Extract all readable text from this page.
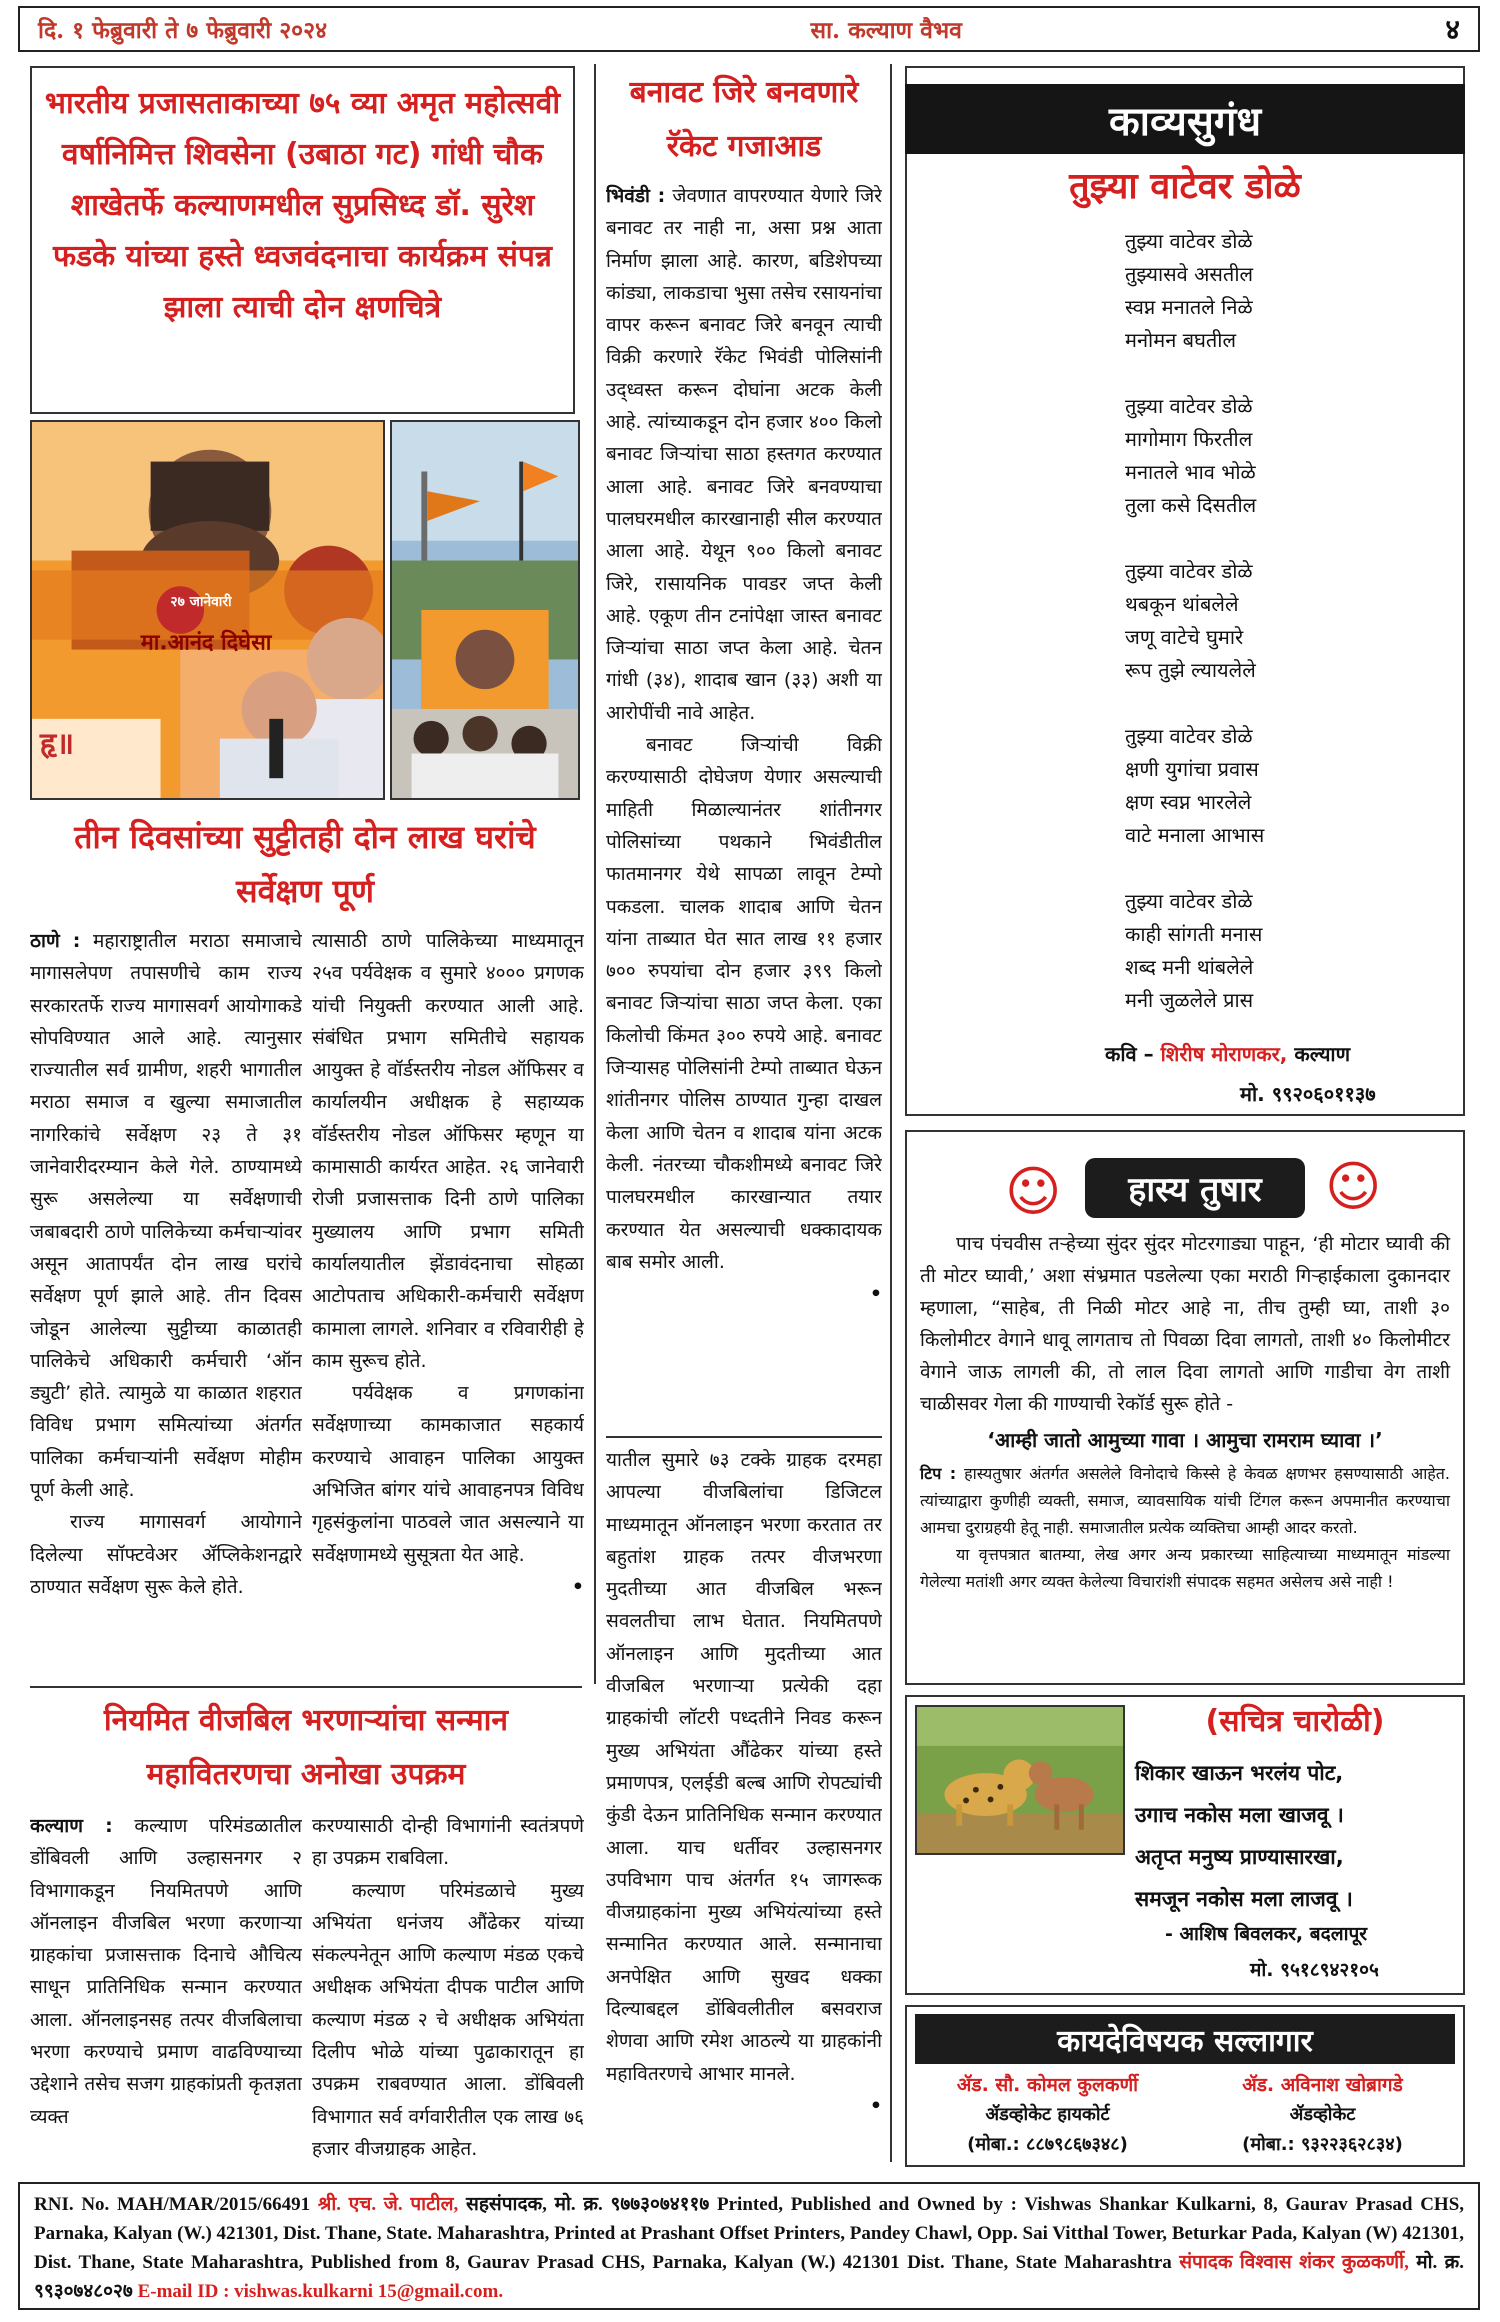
दि. १ फेब्रुवारी ते ७ फेब्रुवारी २०२४	सा. कल्याण वैभव	४
भारतीय प्रजासताकाच्या ७५ व्या अमृत महोत्सवी वर्षानिमित्त शिवसेना (उबाठा गट) गांधी चौक शाखेतर्फे कल्याणमधील सुप्रसिध्द डॉ. सुरेश फडके यांच्या हस्ते ध्वजवंदनाचा कार्यक्रम संपन्न झाला त्याची दोन क्षणचित्रे
२७ जानेवारी
मा.आनंद दिघेसा
हृ॥
तीन दिवसांच्या सुट्टीतही दोन लाख घरांचे सर्वेक्षण पूर्ण

ठाणे : महाराष्ट्रातील मराठा समाजाचे मागासलेपण तपासणीचे काम राज्य सरकारतर्फे राज्य मागासवर्ग आयोगाकडे सोपविण्यात आले आहे. त्यानुसार राज्यातील सर्व ग्रामीण, शहरी भागातील मराठा समाज व खुल्या समाजातील नागरिकांचे सर्वेक्षण २३ ते ३१ जानेवारीदरम्यान केले गेले. ठाण्यामध्ये सुरू असलेल्या या सर्वेक्षणाची जबाबदारी ठाणे पालिकेच्या कर्मचाऱ्यांवर असून आतापर्यंत दोन लाख घरांचे सर्वेक्षण पूर्ण झाले आहे. तीन दिवस जोडून आलेल्या सुट्टीच्या काळातही पालिकेचे अधिकारी कर्मचारी ‘ऑन ड्युटी’ होते. त्यामुळे या काळात शहरात विविध प्रभाग समित्यांच्या अंतर्गत पालिका कर्मचाऱ्यांनी सर्वेक्षण मोहीम पूर्ण केली आहे.

राज्य मागासवर्ग आयोगाने दिलेल्या सॉफ्टवेअर ॲप्लिकेशनद्वारे ठाण्यात सर्वेक्षण सुरू केले होते.

त्यासाठी ठाणे पालिकेच्या माध्यमातून २५व पर्यवेक्षक व सुमारे ४००० प्रगणक यांची नियुक्ती करण्यात आली आहे. संबंधित प्रभाग समितीचे सहायक आयुक्त हे वॉर्डस्तरीय नोडल ऑफिसर व कार्यालयीन अधीक्षक हे सहाय्यक वॉर्डस्तरीय नोडल ऑफिसर म्हणून या कामासाठी कार्यरत आहेत. २६ जानेवारी रोजी प्रजासत्ताक दिनी ठाणे पालिका मुख्यालय आणि प्रभाग समिती कार्यालयातील झेंडावंदनाचा सोहळा आटोपताच अधिकारी-कर्मचारी सर्वेक्षण कामाला लागले. शनिवार व रविवारीही हे काम सुरूच होते.

पर्यवेक्षक व प्रगणकांना सर्वेक्षणाच्या कामकाजात सहकार्य करण्याचे आवाहन पालिका आयुक्त अभिजित बांगर यांचे आवाहनपत्र विविध गृहसंकुलांना पाठवले जात असल्याने या सर्वेक्षणामध्ये सुसूत्रता येत आहे.

•
नियमित वीजबिल भरणाऱ्यांचा सन्मान
महावितरणचा अनोखा उपक्रम

कल्याण : कल्याण परिमंडळातील डोंबिवली आणि उल्हासनगर २ विभागाकडून नियमितपणे आणि ऑनलाइन वीजबिल भरणा करणाऱ्या ग्राहकांचा प्रजासत्ताक दिनाचे औचित्य साधून प्रातिनिधिक सन्मान करण्यात आला. ऑनलाइनसह तत्पर वीजबिलाचा भरणा करण्याचे प्रमाण वाढविण्याच्या उद्देशाने तसेच सजग ग्राहकांप्रती कृतज्ञता व्यक्त

करण्यासाठी दोन्ही विभागांनी स्वतंत्रपणे हा उपक्रम राबविला.

कल्याण परिमंडळाचे मुख्य अभियंता धनंजय औंढेकर यांच्या संकल्पनेतून आणि कल्याण मंडळ एकचे अधीक्षक अभियंता दीपक पाटील आणि कल्याण मंडळ २ चे अधीक्षक अभियंता दिलीप भोळे यांच्या पुढाकारातून हा उपक्रम राबवण्यात आला. डोंबिवली विभागात सर्व वर्गवारीतील एक लाख ७६ हजार वीजग्राहक आहेत.

बनावट जिरे बनवणारे
रॅकेट गजाआड

भिवंडी : जेवणात वापरण्यात येणारे जिरे बनावट तर नाही ना, असा प्रश्न आता निर्माण झाला आहे. कारण, बडिशेपच्या कांड्या, लाकडाचा भुसा तसेच रसायनांचा वापर करून बनावट जिरे बनवून त्याची विक्री करणारे रॅकेट भिवंडी पोलिसांनी उद्ध्वस्त करून दोघांना अटक केली आहे. त्यांच्याकडून दोन हजार ४०० किलो बनावट जिऱ्यांचा साठा हस्तगत करण्यात आला आहे. बनावट जिरे बनवण्याचा पालघरमधील कारखानाही सील करण्यात आला आहे. येथून ९०० किलो बनावट जिरे, रासायनिक पावडर जप्त केली आहे. एकूण तीन टनांपेक्षा जास्त बनावट जिऱ्यांचा साठा जप्त केला आहे. चेतन गांधी (३४), शादाब खान (३३) अशी या आरोपींची नावे आहेत.

बनावट जिऱ्यांची विक्री करण्यासाठी दोघेजण येणार असल्याची माहिती मिळाल्यानंतर शांतीनगर पोलिसांच्या पथकाने भिवंडीतील फातमानगर येथे सापळा लावून टेम्पो पकडला. चालक शादाब आणि चेतन यांना ताब्यात घेत सात लाख ११ हजार ७०० रुपयांचा दोन हजार ३९९ किलो बनावट जिऱ्यांचा साठा जप्त केला. एका किलोची किंमत ३०० रुपये आहे. बनावट जिऱ्यासह पोलिसांनी टेम्पो ताब्यात घेऊन शांतीनगर पोलिस ठाण्यात गुन्हा दाखल केला आणि चेतन व शादाब यांना अटक केली. नंतरच्या चौकशीमध्ये बनावट जिरे पालघरमधील कारखान्यात तयार करण्यात येत असल्याची धक्कादायक बाब समोर आली.

•

यातील सुमारे ७३ टक्के ग्राहक दरमहा आपल्या वीजबिलांचा डिजिटल माध्यमातून ऑनलाइन भरणा करतात तर बहुतांश ग्राहक तत्पर वीजभरणा मुदतीच्या आत वीजबिल भरून सवलतीचा लाभ घेतात. नियमितपणे ऑनलाइन आणि मुदतीच्या आत वीजबिल भरणाऱ्या प्रत्येकी दहा ग्राहकांची लॉटरी पध्दतीने निवड करून मुख्य अभियंता औंढेकर यांच्या हस्ते प्रमाणपत्र, एलईडी बल्ब आणि रोपट्यांची कुंडी देऊन प्रातिनिधिक सन्मान करण्यात आला. याच धर्तीवर उल्हासनगर उपविभाग पाच अंतर्गत १५ जागरूक वीजग्राहकांना मुख्य अभियंत्यांच्या हस्ते सन्मानित करण्यात आले. सन्मानाचा अनपेक्षित आणि सुखद धक्का दिल्याबद्दल डोंबिवलीतील बसवराज शेणवा आणि रमेश आठल्ये या ग्राहकांनी महावितरणचे आभार मानले.

•
काव्यसुगंध
तुझ्या वाटेवर डोळे
तुझ्या वाटेवर डोळे
तुझ्यासवे असतील
स्वप्न मनातले निळे
मनोमन बघतील
तुझ्या वाटेवर डोळे
मागोमाग फिरतील
मनातले भाव भोळे
तुला कसे दिसतील
तुझ्या वाटेवर डोळे
थबकून थांबलेले
जणू वाटेचे घुमारे
रूप तुझे ल्यायलेले
तुझ्या वाटेवर डोळे
क्षणी युगांचा प्रवास
क्षण स्वप्न भारलेले
वाटे मनाला आभास
तुझ्या वाटेवर डोळे
काही सांगती मनास
शब्द मनी थांबलेले
मनी जुळलेले प्रास
कवि – शिरीष मोराणकर, कल्याण
मो. ९९२०६०११३७
☺	हास्य तुषार	☺
पाच पंचवीस तऱ्हेच्या सुंदर सुंदर मोटरगाड्या पाहून, ‘ही मोटार घ्यावी की ती मोटर घ्यावी,’ अशा संभ्रमात पडलेल्या एका मराठी गिऱ्हाईकाला दुकानदार म्हणाला, “साहेब, ती निळी मोटर आहे ना, तीच तुम्ही घ्या, ताशी ३० किलोमीटर वेगाने धावू लागताच तो पिवळा दिवा लागतो, ताशी ४० किलोमीटर वेगाने जाऊ लागली की, तो लाल दिवा लागतो आणि गाडीचा वेग ताशी चाळीसवर गेला की गाण्याची रेकॉर्ड सुरू होते -
‘आम्ही जातो आमुच्या गावा । आमुचा रामराम घ्यावा ।’
टिप : हास्यतुषार अंतर्गत असलेले विनोदाचे किस्से हे केवळ क्षणभर हसण्यासाठी आहेत. त्यांच्याद्वारा कुणीही व्यक्ती, समाज, व्यावसायिक यांची टिंगल करून अपमानीत करण्याचा आमचा दुराग्रहयी हेतू नाही. समाजातील प्रत्येक व्यक्तिचा आम्ही आदर करतो.
या वृत्तपत्रात बातम्या, लेख अगर अन्य प्रकारच्या साहित्याच्या माध्यमातून मांडल्या गेलेल्या मतांशी अगर व्यक्त केलेल्या विचारांशी संपादक सहमत असेलच असे नाही !
(सचित्र चारोळी)
शिकार खाऊन भरलंय पोट,
उगाच नकोस मला खाजवू ।
अतृप्त मनुष्य प्राण्यासारखा,
समजून नकोस मला लाजवू ।
- आशिष बिवलकर, बदलापूर
मो. ९५१८९४२१०५
कायदेविषयक सल्लागार
ॲड. सौ. कोमल कुलकर्णी
ॲडव्होकेट हायकोर्ट
(मोबा.: ८८७९८६७३४८)
ॲड. अविनाश खोब्रागडे
ॲडव्होकेट
(मोबा.: ९३२२३६२८३४)
RNI. No. MAH/MAR/2015/66491 श्री. एच. जे. पाटील, सहसंपादक, मो. क्र. ९७७३०७४११७ Printed, Published and Owned by : Vishwas Shankar Kulkarni, 8, Gaurav Prasad CHS, Parnaka, Kalyan (W.) 421301, Dist. Thane, State. Maharashtra, Printed at Prashant Offset Printers, Pandey Chawl, Opp. Sai Vitthal Tower, Beturkar Pada, Kalyan (W) 421301, Dist. Thane, State Maharashtra, Published from 8, Gaurav Prasad CHS, Parnaka, Kalyan (W.) 421301 Dist. Thane, State Maharashtra संपादक विश्वास शंकर कुळकर्णी, मो. क्र. ९९३०७४८०२७ E-mail ID : vishwas.kulkarni 15@gmail.com.
